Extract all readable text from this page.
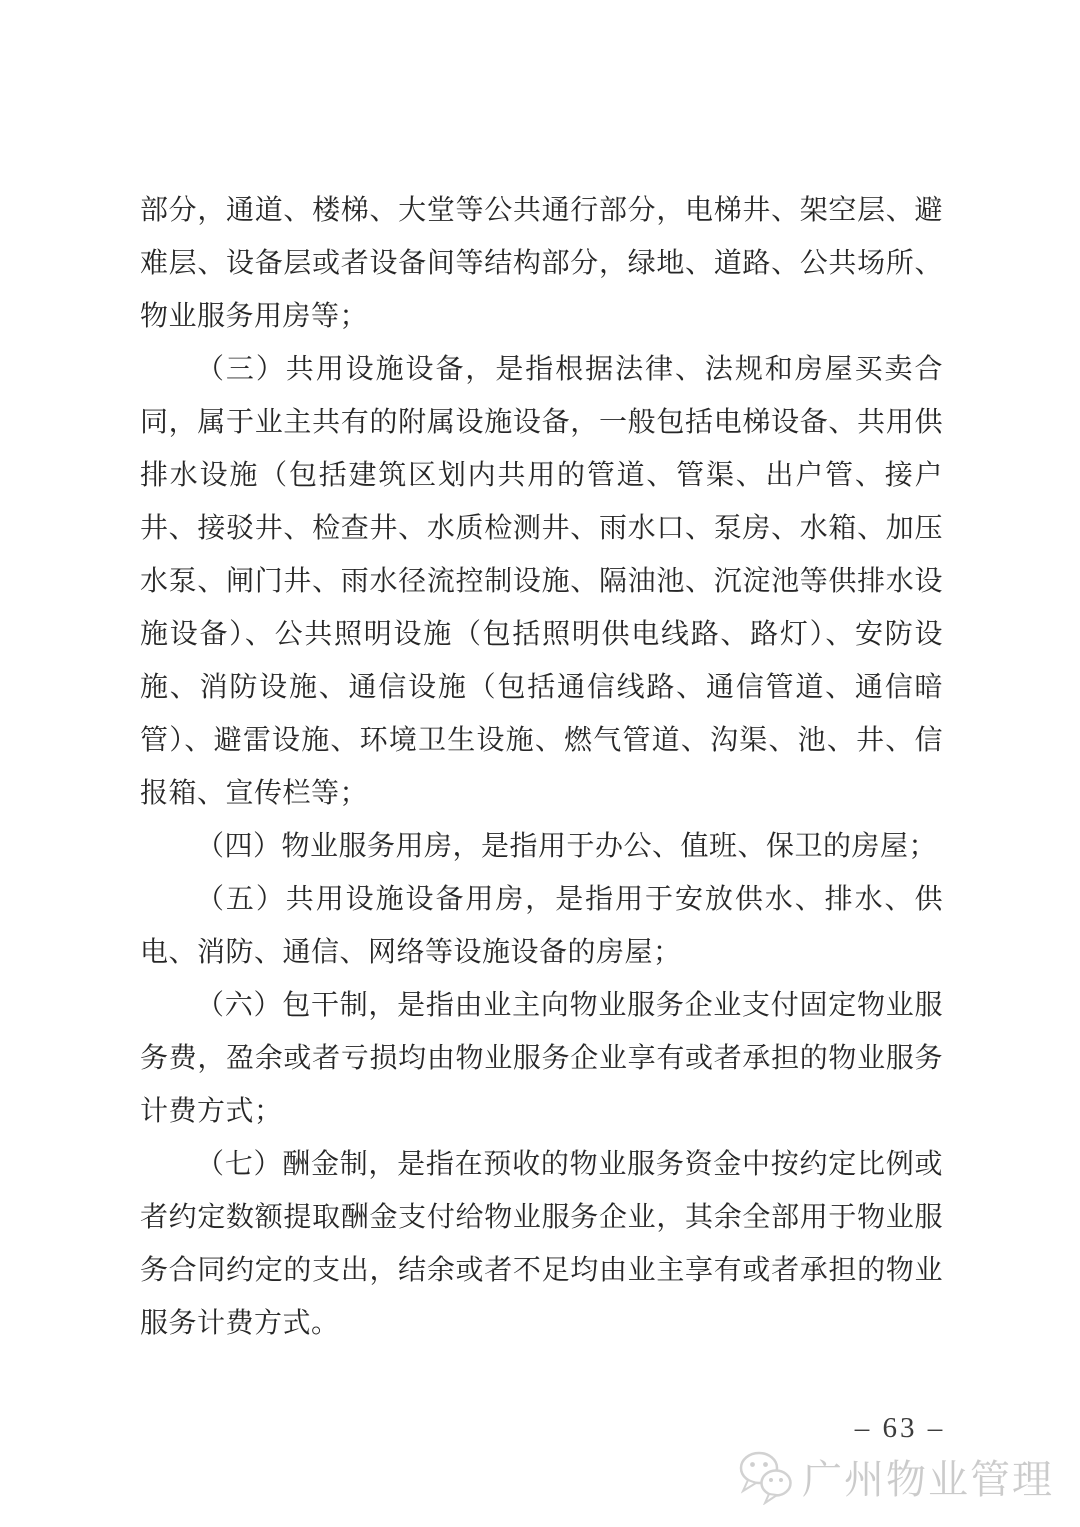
部分，通道、楼梯、大堂等公共通行部分，电梯井、架空层、避难层、设备层或者设备间等结构部分，绿地、道路、公共场所、物业服务用房等；

（三）共用设施设备，是指根据法律、法规和房屋买卖合同，属于业主共有的附属设施设备，一般包括电梯设备、共用供排水设施（包括建筑区划内共用的管道、管渠、出户管、接户井、接驳井、检查井、水质检测井、雨水口、泵房、水箱、加压水泵、闸门井、雨水径流控制设施、隔油池、沉淀池等供排水设施设备）、公共照明设施（包括照明供电线路、路灯）、安防设施、消防设施、通信设施（包括通信线路、通信管道、通信暗管）、避雷设施、环境卫生设施、燃气管道、沟渠、池、井、信报箱、宣传栏等；

（四）物业服务用房，是指用于办公、值班、保卫的房屋；

（五）共用设施设备用房，是指用于安放供水、排水、供电、消防、通信、网络等设施设备的房屋；

（六）包干制，是指由业主向物业服务企业支付固定物业服务费，盈余或者亏损均由物业服务企业享有或者承担的物业服务计费方式；

（七）酬金制，是指在预收的物业服务资金中按约定比例或者约定数额提取酬金支付给物业服务企业，其余全部用于物业服务合同约定的支出，结余或者不足均由业主享有或者承担的物业服务计费方式。

– 63 –
广州物业管理
